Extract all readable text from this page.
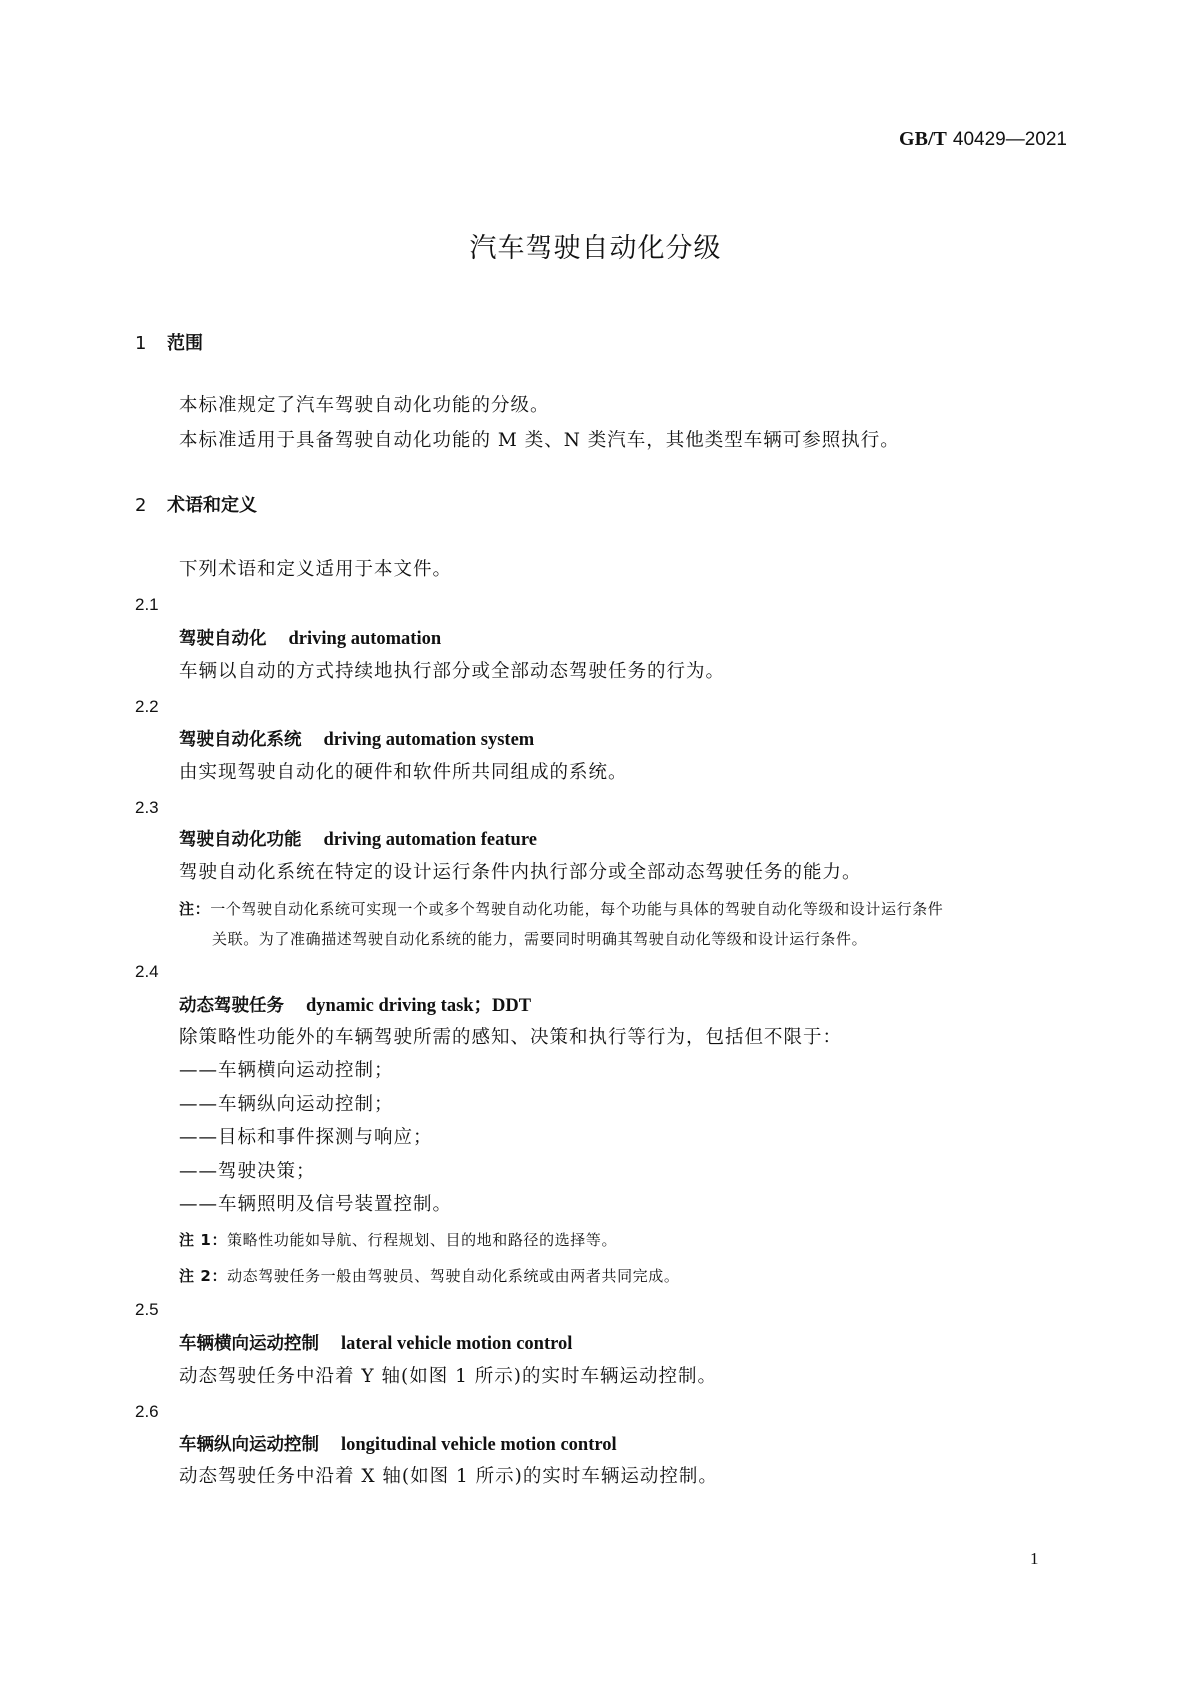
GB/T 40429—2021
汽车驾驶自动化分级
1 范围
本标准规定了汽车驾驶自动化功能的分级。
本标准适用于具备驾驶自动化功能的 M 类、N 类汽车，其他类型车辆可参照执行。
2 术语和定义
下列术语和定义适用于本文件。
2.1
驾驶自动化 driving automation
车辆以自动的方式持续地执行部分或全部动态驾驶任务的行为。
2.2
驾驶自动化系统 driving automation system
由实现驾驶自动化的硬件和软件所共同组成的系统。
2.3
驾驶自动化功能 driving automation feature
驾驶自动化系统在特定的设计运行条件内执行部分或全部动态驾驶任务的能力。
注：一个驾驶自动化系统可实现一个或多个驾驶自动化功能，每个功能与具体的驾驶自动化等级和设计运行条件
关联。为了准确描述驾驶自动化系统的能力，需要同时明确其驾驶自动化等级和设计运行条件。
2.4
动态驾驶任务 dynamic driving task；DDT
除策略性功能外的车辆驾驶所需的感知、决策和执行等行为，包括但不限于：
——车辆横向运动控制；
——车辆纵向运动控制；
——目标和事件探测与响应；
——驾驶决策；
——车辆照明及信号装置控制。
注 1：策略性功能如导航、行程规划、目的地和路径的选择等。
注 2：动态驾驶任务一般由驾驶员、驾驶自动化系统或由两者共同完成。
2.5
车辆横向运动控制 lateral vehicle motion control
动态驾驶任务中沿着 Y 轴(如图 1 所示)的实时车辆运动控制。
2.6
车辆纵向运动控制 longitudinal vehicle motion control
动态驾驶任务中沿着 X 轴(如图 1 所示)的实时车辆运动控制。
1
